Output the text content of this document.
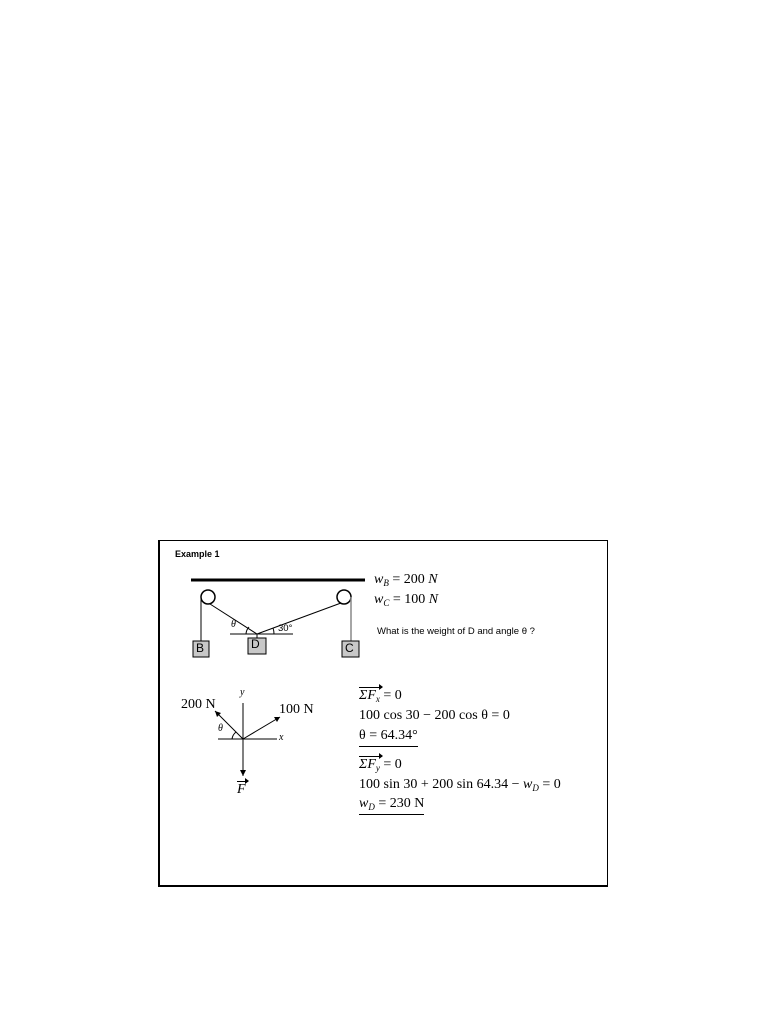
Example 1
B	D	C
θ	30°
$w_B = 200$ N
$w_C = 100$ N
What is the weight of D and angle θ ?
200 N	100 N
y
x
θ
F
$\Sigma F_x = 0$
100 cos 30 − 200 cos θ = 0
θ = 64.34°
$\Sigma F_y = 0$
100 sin 30 + 200 $\sin 64.34 - w_D = 0$
$w_D = 230$ N
